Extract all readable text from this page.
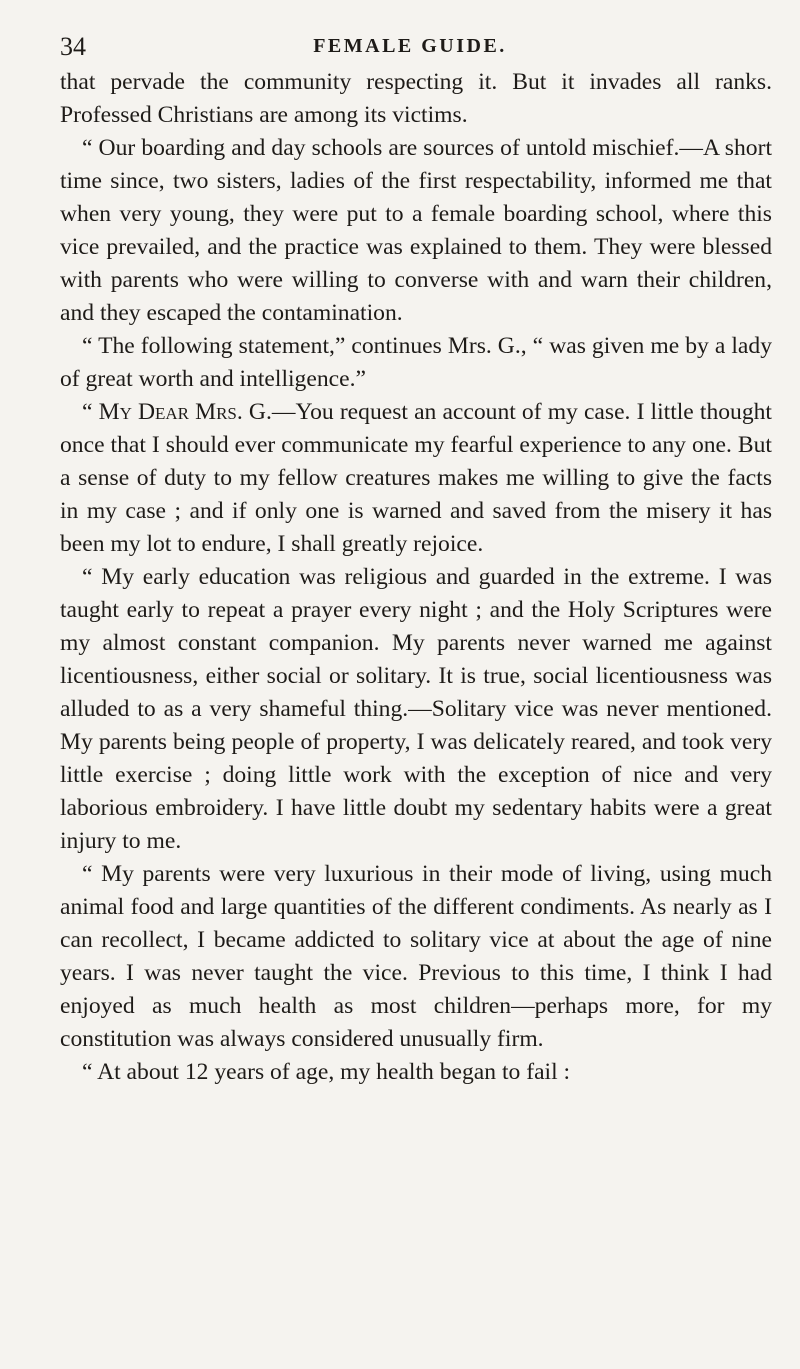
34	FEMALE GUIDE.

that pervade the community respecting it. But it invades all ranks. Professed Christians are among its victims.

“ Our boarding and day schools are sources of untold mischief.—A short time since, two sisters, ladies of the first respectability, informed me that when very young, they were put to a female boarding school, where this vice prevailed, and the practice was explained to them. They were blessed with parents who were willing to converse with and warn their children, and they escaped the contamination.

“ The following statement,” continues Mrs. G., “ was given me by a lady of great worth and intelligence.”

“ My Dear Mrs. G.—You request an account of my case. I little thought once that I should ever communicate my fearful experience to any one. But a sense of duty to my fellow creatures makes me willing to give the facts in my case ; and if only one is warned and saved from the misery it has been my lot to endure, I shall greatly rejoice.

“ My early education was religious and guarded in the extreme. I was taught early to repeat a prayer every night ; and the Holy Scriptures were my almost constant companion. My parents never warned me against licentiousness, either social or solitary. It is true, social licentiousness was alluded to as a very shameful thing.—Solitary vice was never mentioned. My parents being people of property, I was delicately reared, and took very little exercise ; doing little work with the exception of nice and very laborious embroidery. I have little doubt my sedentary habits were a great injury to me.

“ My parents were very luxurious in their mode of living, using much animal food and large quantities of the different condiments. As nearly as I can recollect, I became addicted to solitary vice at about the age of nine years. I was never taught the vice. Previous to this time, I think I had enjoyed as much health as most children—perhaps more, for my constitution was always considered unusually firm.

“ At about 12 years of age, my health began to fail :
